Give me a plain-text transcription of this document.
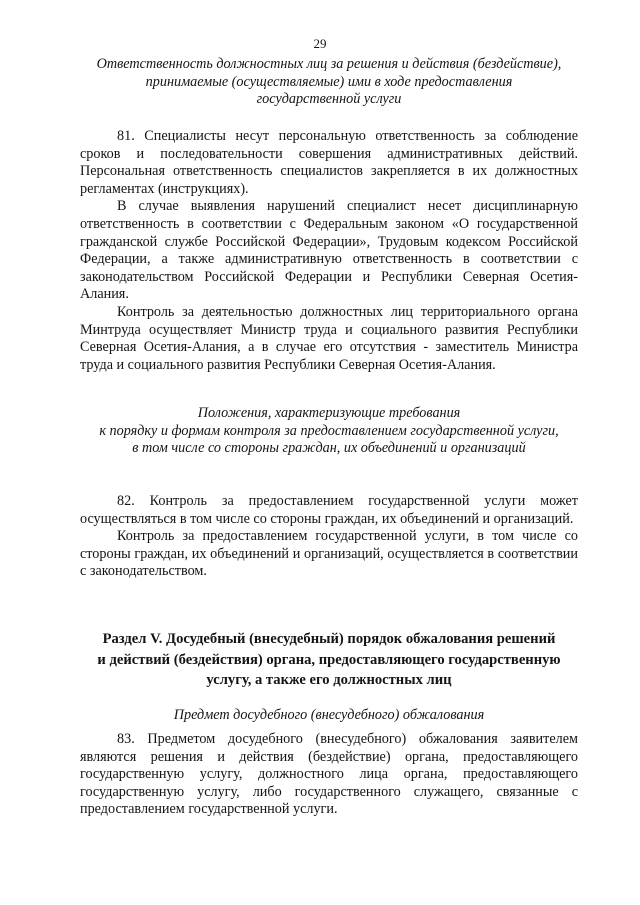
29
Ответственность должностных лиц за решения и действия (бездействие),
принимаемые (осуществляемые) ими в ходе предоставления
государственной услуги

81. Специалисты несут персональную ответственность за соблюдение сроков и последовательности совершения административных действий. Персональная ответственность специалистов закрепляется в их должностных регламентах (инструкциях).

В случае выявления нарушений специалист несет дисциплинарную ответственность в соответствии с Федеральным законом «О государственной гражданской службе Российской Федерации», Трудовым кодексом Российской Федерации, а также административную ответственность в соответствии с законодательством Российской Федерации и Республики Северная Осетия-Алания.

Контроль за деятельностью должностных лиц территориального органа Минтруда осуществляет Министр труда и социального развития Республики Северная Осетия-Алания, а в случае его отсутствия - заместитель Министра труда и социального развития Республики Северная Осетия-Алания.

Положения, характеризующие требования
к порядку и формам контроля за предоставлением государственной услуги,
в том числе со стороны граждан, их объединений и организаций

82. Контроль за предоставлением государственной услуги может осуществляться в том числе со стороны граждан, их объединений и организаций.

Контроль за предоставлением государственной услуги, в том числе со стороны граждан, их объединений и организаций, осуществляется в соответствии с законодательством.

Раздел V. Досудебный (внесудебный) порядок обжалования решений
и действий (бездействия) органа, предоставляющего государственную
услугу, а также его должностных лиц
Предмет досудебного (внесудебного) обжалования

83. Предметом досудебного (внесудебного) обжалования заявителем являются решения и действия (бездействие) органа, предоставляющего государственную услугу, должностного лица органа, предоставляющего государственную услугу, либо государственного служащего, связанные с предоставлением государственной услуги.
